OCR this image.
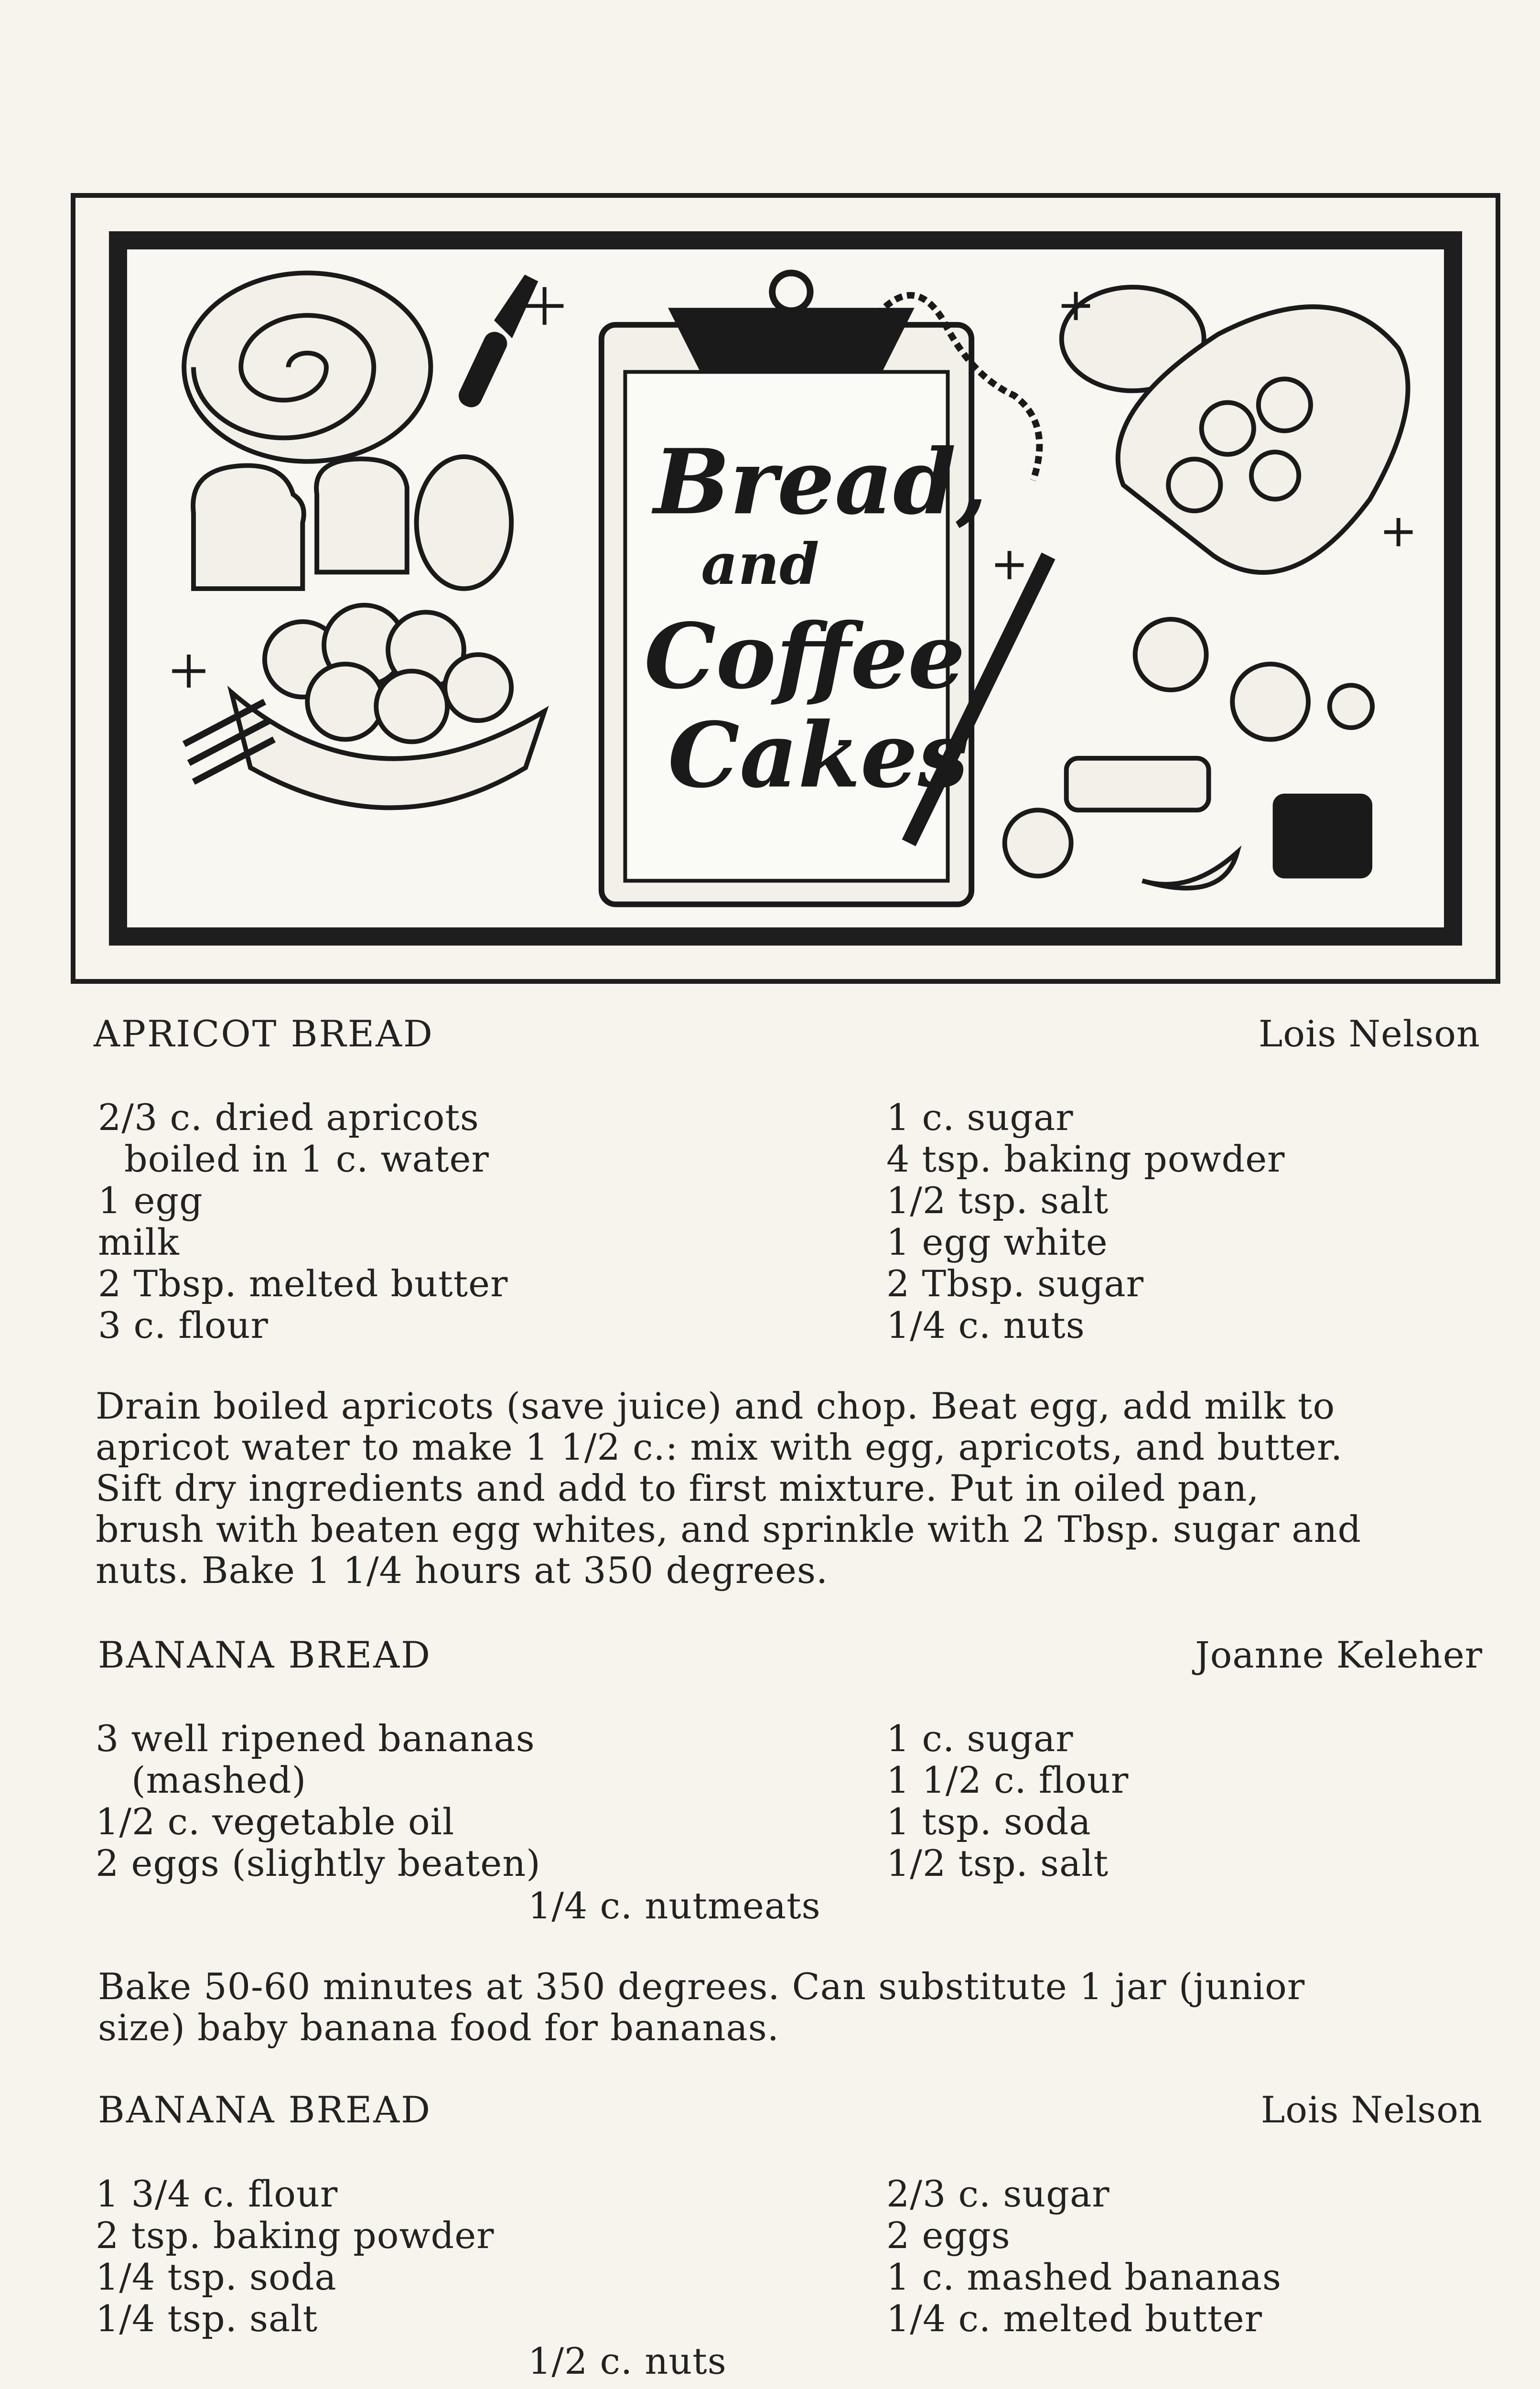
Bread,
and
Coffee
Cakes
APRICOT BREAD	Lois Nelson
2/3 c. dried apricots
boiled in 1 c. water
1 egg
milk
2 Tbsp. melted butter
3 c. flour
1 c. sugar
4 tsp. baking powder
1/2 tsp. salt
1 egg white
2 Tbsp. sugar
1/4 c. nuts
Drain boiled apricots (save juice) and chop. Beat egg, add milk to
apricot water to make 1 1/2 c.: mix with egg, apricots, and butter.
Sift dry ingredients and add to first mixture. Put in oiled pan,
brush with beaten egg whites, and sprinkle with 2 Tbsp. sugar and
nuts. Bake 1 1/4 hours at 350 degrees.
BANANA BREAD	Joanne Keleher
3 well ripened bananas
(mashed)
1/2 c. vegetable oil
2 eggs (slightly beaten)
1 c. sugar
1 1/2 c. flour
1 tsp. soda
1/2 tsp. salt
1/4 c. nutmeats
Bake 50-60 minutes at 350 degrees. Can substitute 1 jar (junior
size) baby banana food for bananas.
BANANA BREAD	Lois Nelson
1 3/4 c. flour
2 tsp. baking powder
1/4 tsp. soda
1/4 tsp. salt
2/3 c. sugar
2 eggs
1 c. mashed bananas
1/4 c. melted butter
1/2 c. nuts
